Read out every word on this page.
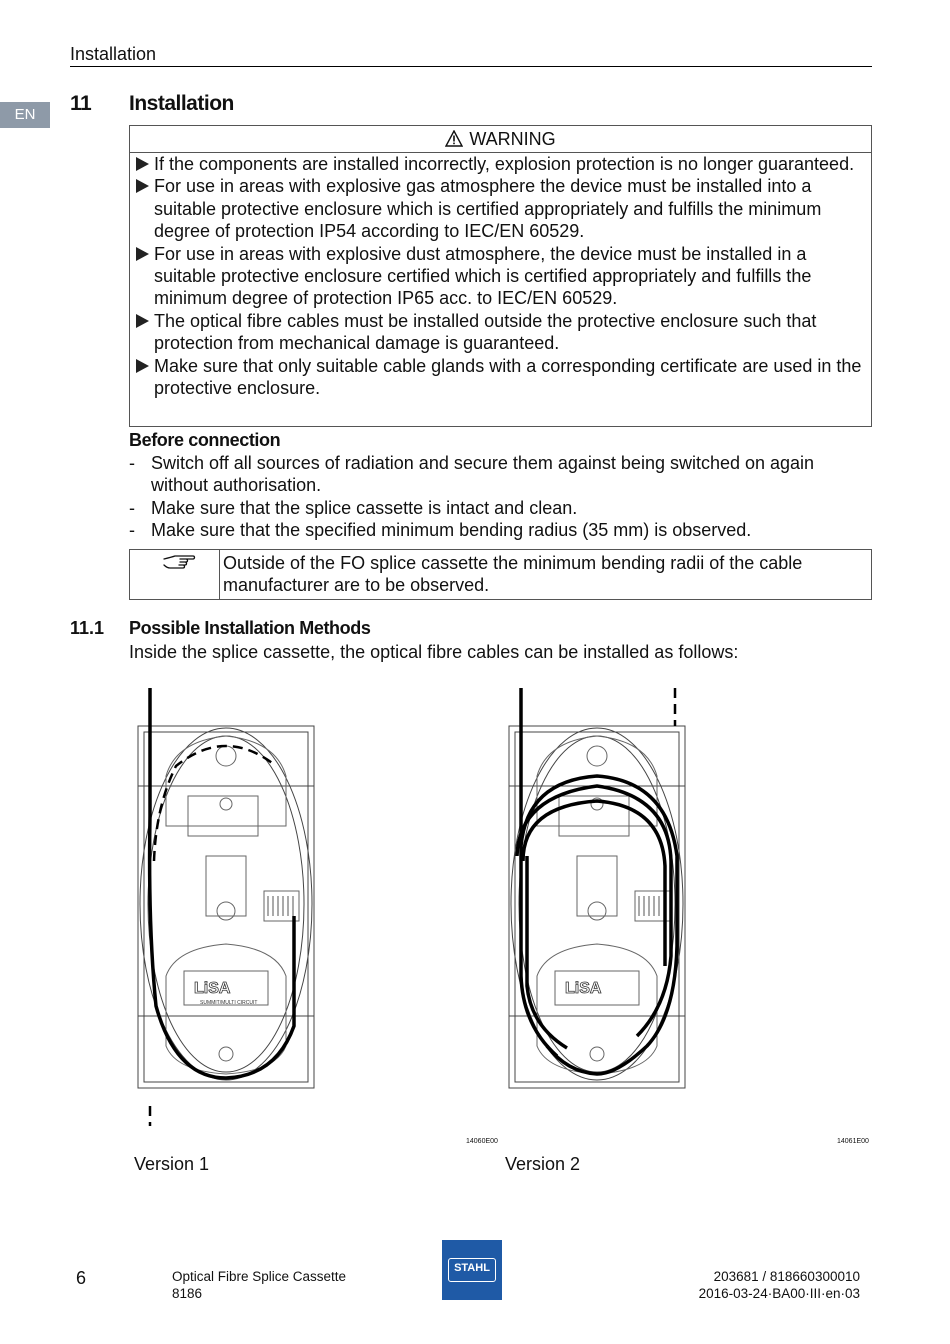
Installation
EN	11 Installation
WARNING
If the components are installed incorrectly, explosion protection is no longer guaranteed.
For use in areas with explosive gas atmosphere the device must be installed into a suitable protective enclosure which is certified appropriately and fulfills the minimum degree of protection IP54 according to IEC/EN 60529.
For use in areas with explosive dust atmosphere, the device must be installed in a suitable protective enclosure certified which is certified appropriately and fulfills the minimum degree of protection IP65 acc. to IEC/EN 60529.
The optical fibre cables must be installed outside the protective enclosure such that protection from mechanical damage is guaranteed.
Make sure that only suitable cable glands with a corresponding certificate are used in the protective enclosure.
Before connection
- Switch off all sources of radiation and secure them against being switched on again without authorisation.
- Make sure that the splice cassette is intact and clean.
- Make sure that the specified minimum bending radius (35 mm) is observed.
Outside of the FO splice cassette the minimum bending radii of the cable manufacturer are to be observed.
11.1 Possible Installation Methods
Inside the splice cassette, the optical fibre cables can be installed as follows:
LiSA
SUMMIT/MULTI CIRCUIT
14060E00
Version 1
LiSA
14061E00
Version 2
6	Optical Fibre Splice Cassette
8186
STAHL
203681 / 818660300010
2016-03-24·BA00·III·en·03
